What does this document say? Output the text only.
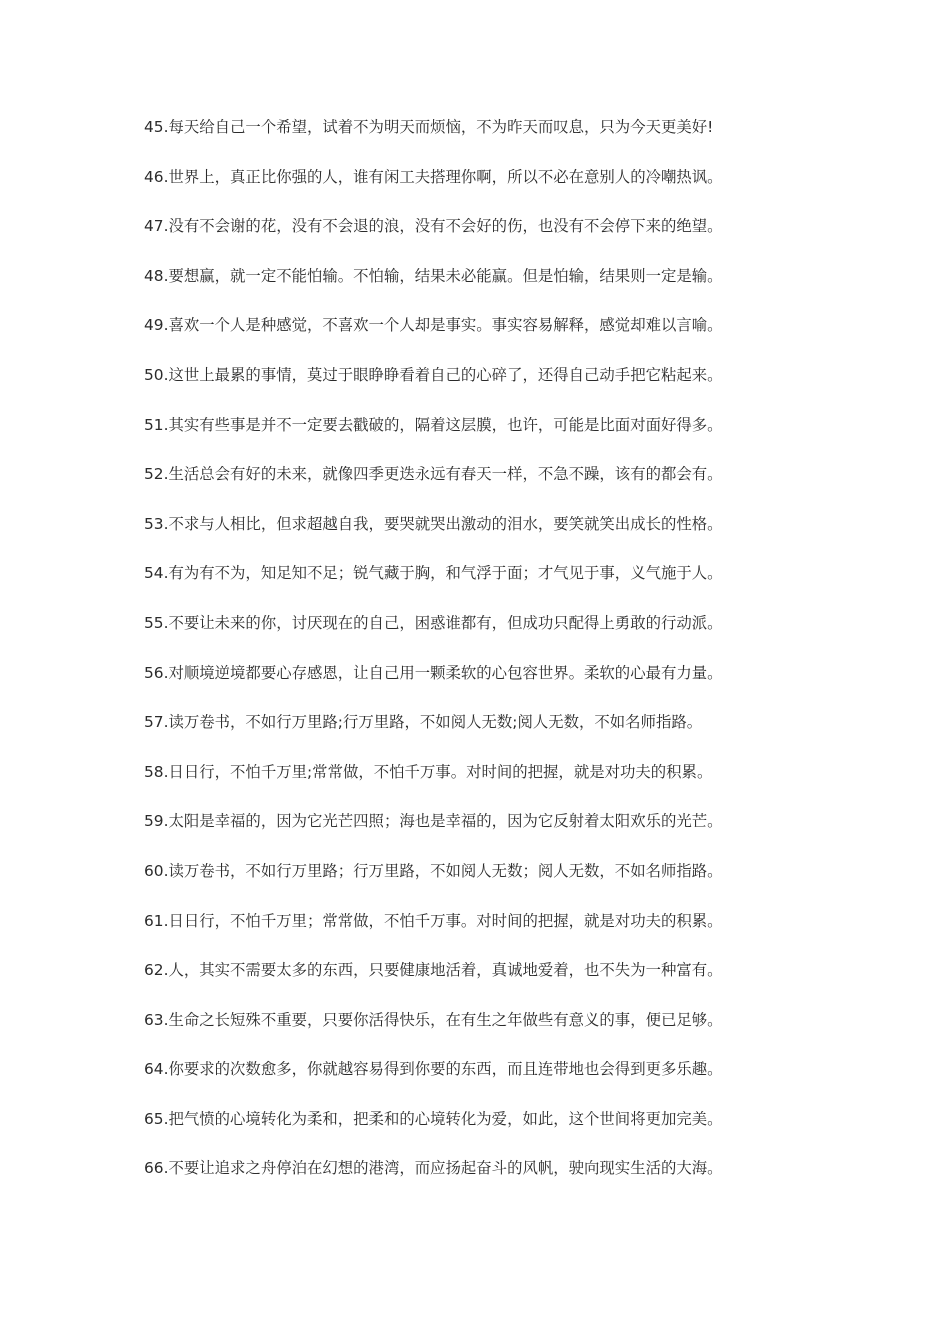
45.每天给自己一个希望，试着不为明天而烦恼，不为昨天而叹息，只为今天更美好!
46.世界上，真正比你强的人，谁有闲工夫搭理你啊，所以不必在意别人的冷嘲热讽。
47.没有不会谢的花，没有不会退的浪，没有不会好的伤，也没有不会停下来的绝望。
48.要想赢，就一定不能怕输。不怕输，结果未必能赢。但是怕输，结果则一定是输。
49.喜欢一个人是种感觉，不喜欢一个人却是事实。事实容易解释，感觉却难以言喻。
50.这世上最累的事情，莫过于眼睁睁看着自己的心碎了，还得自己动手把它粘起来。
51.其实有些事是并不一定要去戳破的，隔着这层膜，也许，可能是比面对面好得多。
52.生活总会有好的未来，就像四季更迭永远有春天一样，不急不躁，该有的都会有。
53.不求与人相比，但求超越自我，要哭就哭出激动的泪水，要笑就笑出成长的性格。
54.有为有不为，知足知不足；锐气藏于胸，和气浮于面；才气见于事，义气施于人。
55.不要让未来的你，讨厌现在的自己，困惑谁都有，但成功只配得上勇敢的行动派。
56.对顺境逆境都要心存感恩，让自己用一颗柔软的心包容世界。柔软的心最有力量。
57.读万卷书，不如行万里路;行万里路，不如阅人无数;阅人无数，不如名师指路。
58.日日行，不怕千万里;常常做，不怕千万事。对时间的把握，就是对功夫的积累。
59.太阳是幸福的，因为它光芒四照；海也是幸福的，因为它反射着太阳欢乐的光芒。
60.读万卷书，不如行万里路；行万里路，不如阅人无数；阅人无数，不如名师指路。
61.日日行，不怕千万里；常常做，不怕千万事。对时间的把握，就是对功夫的积累。
62.人，其实不需要太多的东西，只要健康地活着，真诚地爱着，也不失为一种富有。
63.生命之长短殊不重要，只要你活得快乐，在有生之年做些有意义的事，便已足够。
64.你要求的次数愈多，你就越容易得到你要的东西，而且连带地也会得到更多乐趣。
65.把气愤的心境转化为柔和，把柔和的心境转化为爱，如此，这个世间将更加完美。
66.不要让追求之舟停泊在幻想的港湾，而应扬起奋斗的风帆，驶向现实生活的大海。
